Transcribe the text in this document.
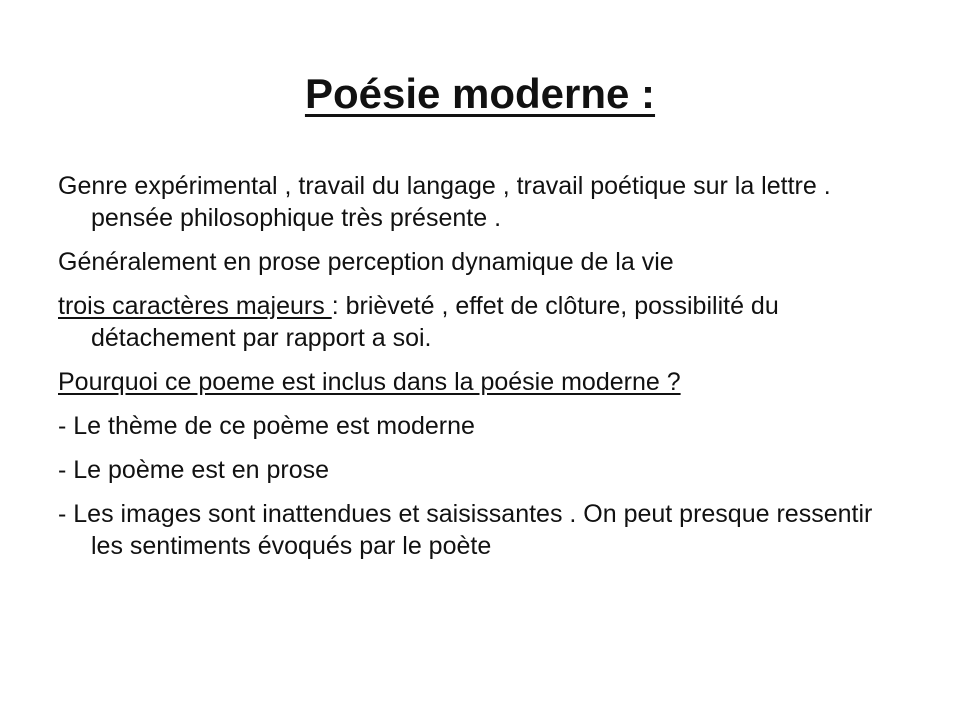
Poésie moderne :

Genre expérimental , travail du langage , travail poétique sur la lettre . pensée philosophique très présente .

Généralement en prose perception dynamique de la vie

trois caractères majeurs : brièveté , effet de clôture, possibilité du détachement par rapport a soi.

Pourquoi ce poeme est inclus dans la poésie moderne ?

- Le thème de ce poème est moderne

- Le poème est en prose

- Les images sont inattendues et saisissantes . On peut presque ressentir les sentiments évoqués par le poète
